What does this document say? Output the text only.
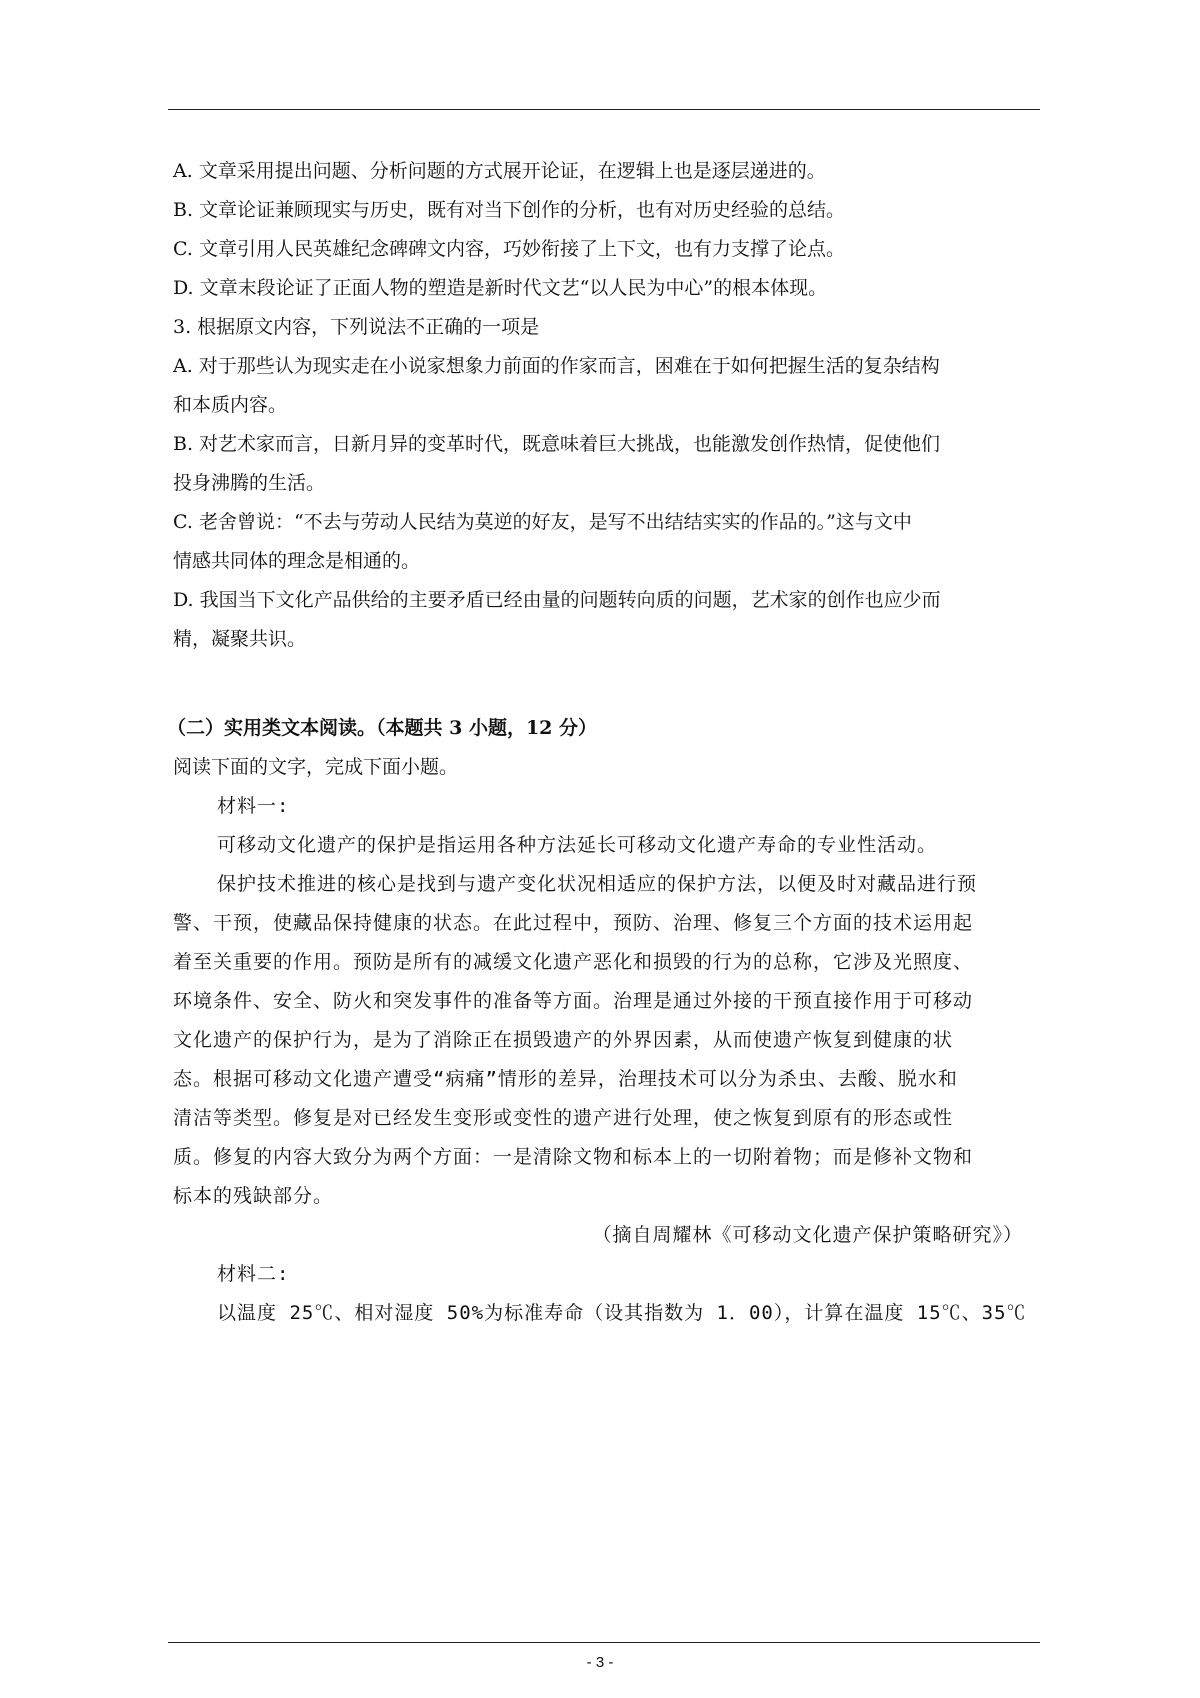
A. 文章采用提出问题、分析问题的方式展开论证，在逻辑上也是逐层递进的。
B. 文章论证兼顾现实与历史，既有对当下创作的分析，也有对历史经验的总结。
C. 文章引用人民英雄纪念碑碑文内容，巧妙衔接了上下文，也有力支撑了论点。
D. 文章末段论证了正面人物的塑造是新时代文艺“以人民为中心”的根本体现。
3. 根据原文内容，下列说法不正确的一项是
A. 对于那些认为现实走在小说家想象力前面的作家而言，困难在于如何把握生活的复杂结构
和本质内容。
B. 对艺术家而言，日新月异的变革时代，既意味着巨大挑战，也能激发创作热情，促使他们
投身沸腾的生活。
C. 老舍曾说：“不去与劳动人民结为莫逆的好友，是写不出结结实实的作品的。”这与文中
情感共同体的理念是相通的。
D. 我国当下文化产品供给的主要矛盾已经由量的问题转向质的问题，艺术家的创作也应少而
精，凝聚共识。
（二）实用类文本阅读。（本题共 3 小题，12 分）
阅读下面的文字，完成下面小题。
材料一:
可移动文化遗产的保护是指运用各种方法延长可移动文化遗产寿命的专业性活动。
保护技术推进的核心是找到与遗产变化状况相适应的保护方法，以便及时对藏品进行预
警、干预，使藏品保持健康的状态。在此过程中，预防、治理、修复三个方面的技术运用起
着至关重要的作用。预防是所有的减缓文化遗产恶化和损毁的行为的总称，它涉及光照度、
环境条件、安全、防火和突发事件的准备等方面。治理是通过外接的干预直接作用于可移动
文化遗产的保护行为，是为了消除正在损毁遗产的外界因素，从而使遗产恢复到健康的状
态。根据可移动文化遗产遭受“病痛”情形的差异，治理技术可以分为杀虫、去酸、脱水和
清洁等类型。修复是对已经发生变形或变性的遗产进行处理，使之恢复到原有的形态或性
质。修复的内容大致分为两个方面：一是清除文物和标本上的一切附着物；而是修补文物和
标本的残缺部分。
（摘自周耀林《可移动文化遗产保护策略研究》）
材料二:
以温度 25℃、相对湿度 50%为标准寿命（设其指数为 1．00），计算在温度 15℃、35℃
- 3 -
